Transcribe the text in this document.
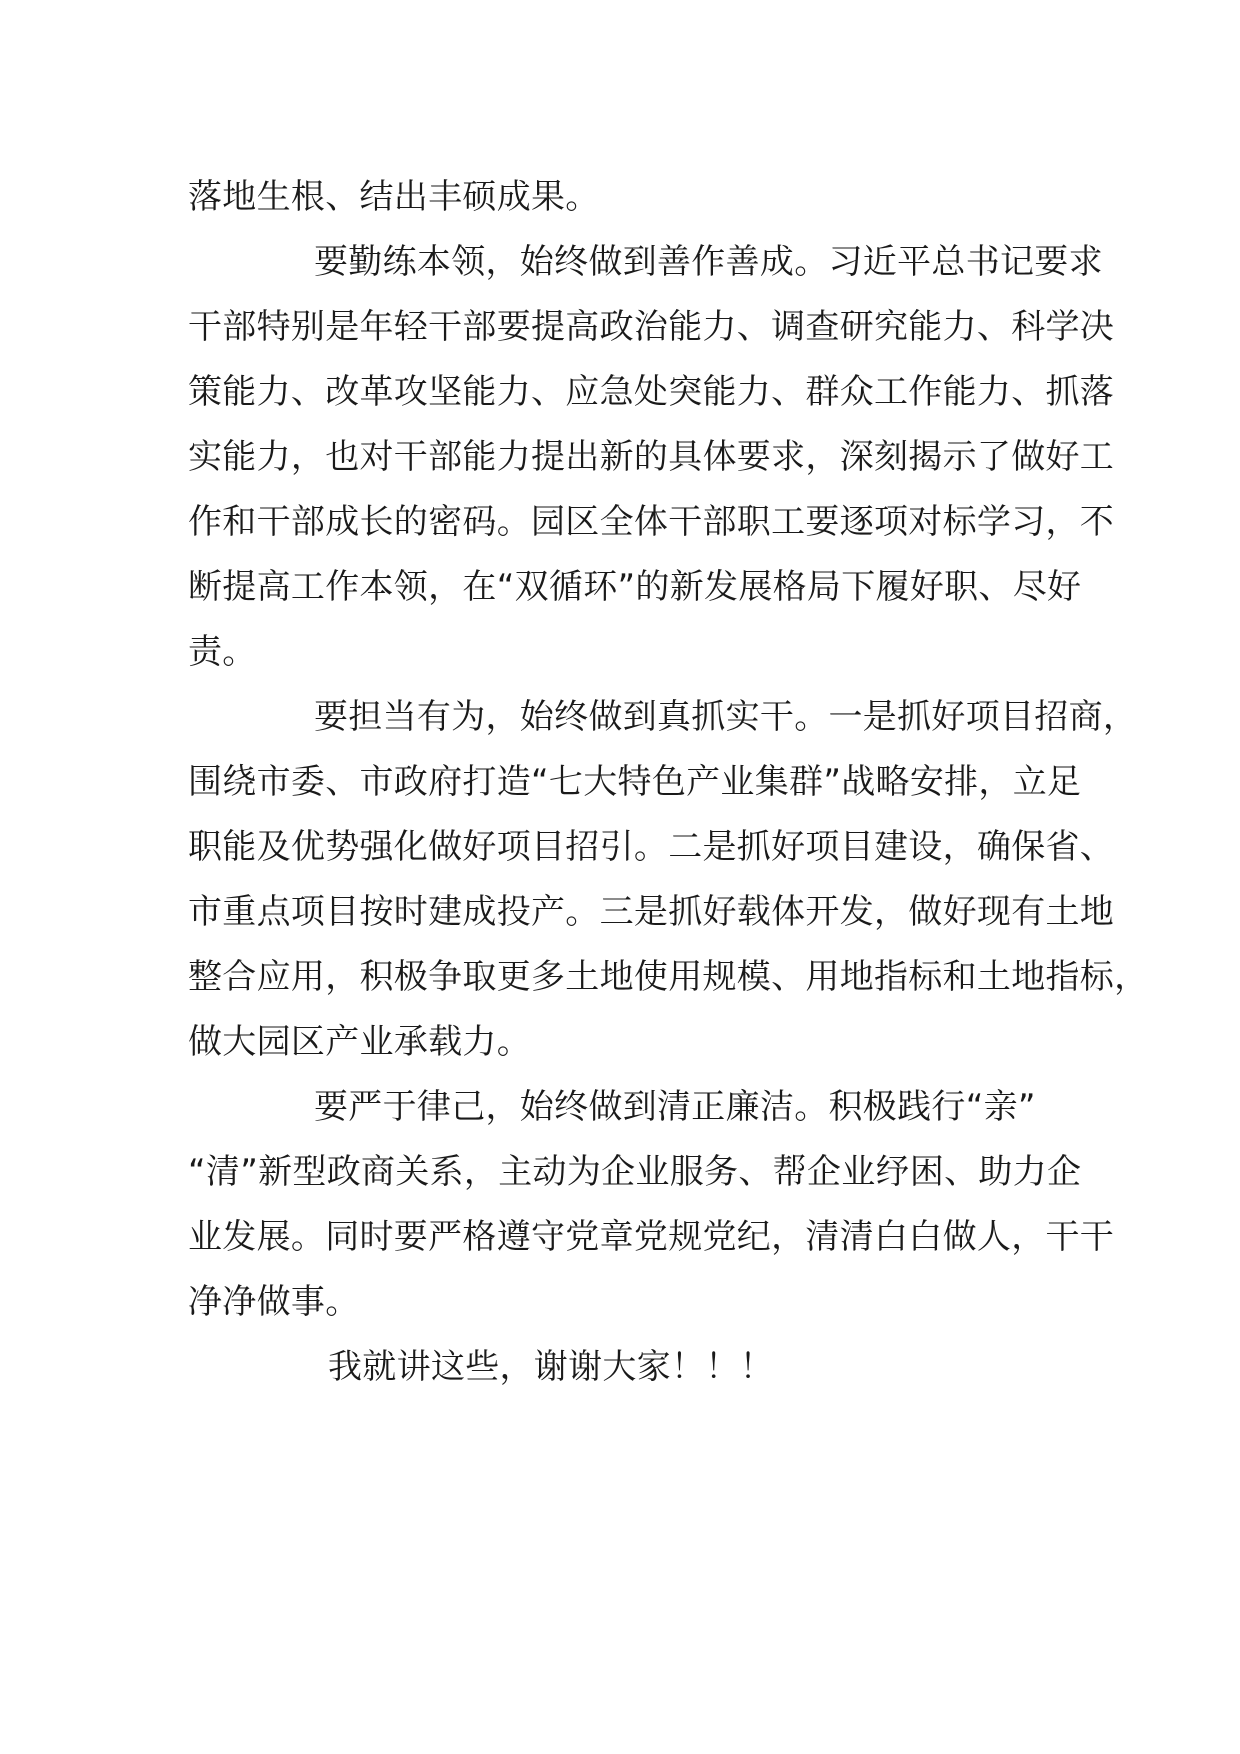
落地生根、结出丰硕成果。
要勤练本领，始终做到善作善成。习近平总书记要求
干部特别是年轻干部要提高政治能力、调查研究能力、科学决
策能力、改革攻坚能力、应急处突能力、群众工作能力、抓落
实能力，也对干部能力提出新的具体要求，深刻揭示了做好工
作和干部成长的密码。园区全体干部职工要逐项对标学习，不
断提高工作本领，在“双循环”的新发展格局下履好职、尽好
责。
要担当有为，始终做到真抓实干。一是抓好项目招商，
围绕市委、市政府打造“七大特色产业集群”战略安排，立足
职能及优势强化做好项目招引。二是抓好项目建设，确保省、
市重点项目按时建成投产。三是抓好载体开发，做好现有土地
整合应用，积极争取更多土地使用规模、用地指标和土地指标，
做大园区产业承载力。
要严于律己，始终做到清正廉洁。积极践行“亲”
“清”新型政商关系，主动为企业服务、帮企业纾困、助力企
业发展。同时要严格遵守党章党规党纪，清清白白做人，干干
净净做事。
我就讲这些，谢谢大家！！！
